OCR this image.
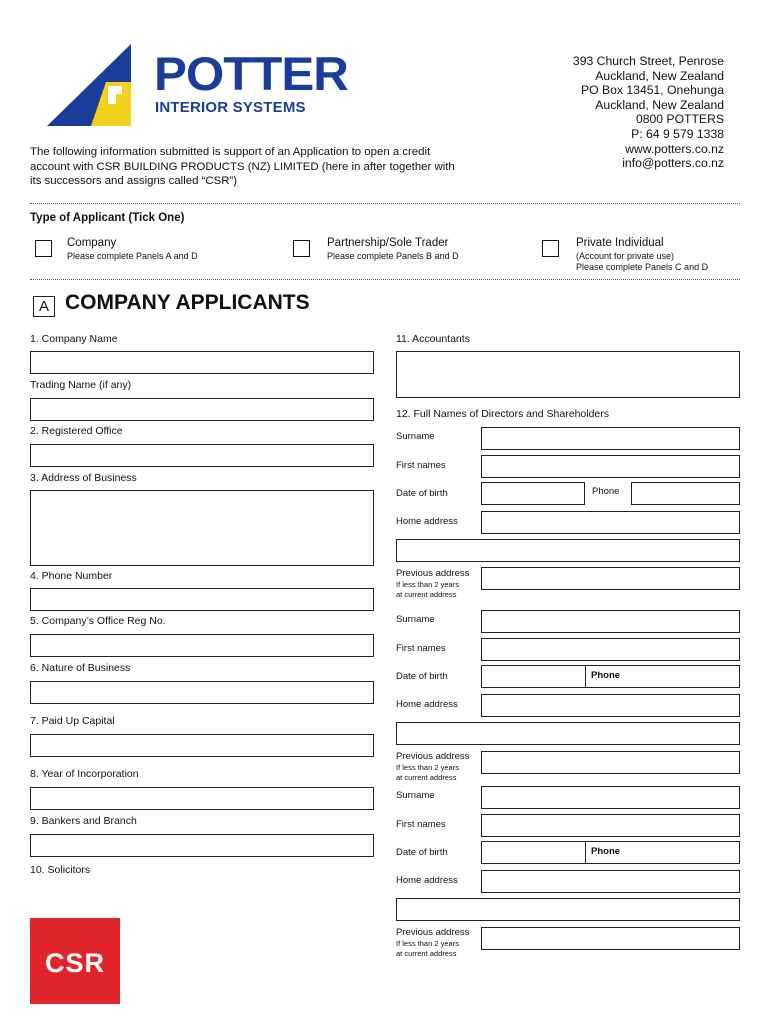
POTTER
INTERIOR SYSTEMS
393 Church Street, Penrose
Auckland, New Zealand
PO Box 13451, Onehunga
Auckland, New Zealand
0800 POTTERS
P: 64 9 579 1338
www.potters.co.nz
info@potters.co.nz
The following information submitted is support of an Application to open a credit
account with CSR BUILDING PRODUCTS (NZ) LIMITED (here in after together with
its successors and assigns called “CSR”)
Type of Applicant (Tick One)
Company
Please complete Panels A and D
Partnership/Sole Trader
Please complete Panels B and D
Private Individual
(Account for private use)
Please complete Panels C and D
A COMPANY APPLICANTS
1. Company Name
Trading Name (if any)
2. Registered Office
3. Address of Business
4. Phone Number
5. Company’s Office Reg No.
6. Nature of Business
7. Paid Up Capital
8. Year of Incorporation
9. Bankers and Branch
10. Solicitors
CSR
11. Accountants
12. Full Names of Directors and Shareholders
Surname
First names
Date of birth	Phone
Home address
Previous address
If less than 2 years
at current address
Surname
First names
Date of birth	Phone
Home address
Previous address
If less than 2 years
at current address
Surname
First names
Date of birth	Phone
Home address
Previous address
If less than 2 years
at current address
